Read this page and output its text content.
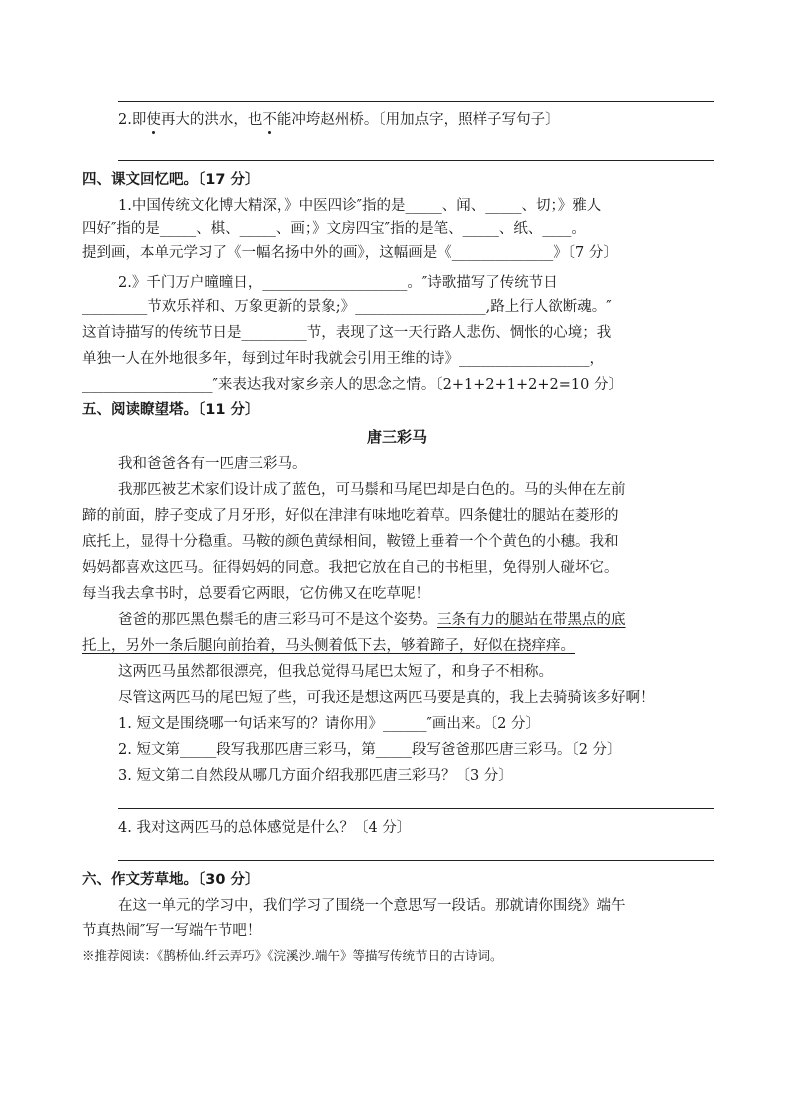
2.即使再大的洪水，也不能冲垮赵州桥。〔用加点字，照样子写句子〕
四、课文回忆吧。〔17 分〕
1.中国传统文化博大精深，》中医四诊″指的是_____、闻、_____、切；》雅人
四好″指的是_____、棋、_____、画；》文房四宝″指的是笔、_____、纸、____。
提到画，本单元学习了《一幅名扬中外的画》，这幅画是《______________》〔7 分〕
2.》千门万户曈曈日，____________________。″诗歌描写了传统节日
_________节欢乐祥和、万象更新的景象;》__________________,路上行人欲断魂。″
这首诗描写的传统节日是_________节，表现了这一天行路人悲伤、惆怅的心境；我
单独一人在外地很多年，每到过年时我就会引用王维的诗》__________________，
__________________″来表达我对家乡亲人的思念之情。〔2+1+2+1+2+2=10 分〕
五、阅读瞭望塔。〔11 分〕
唐三彩马
我和爸爸各有一匹唐三彩马。
我那匹被艺术家们设计成了蓝色，可马鬃和马尾巴却是白色的。马的头伸在左前
蹄的前面，脖子变成了月牙形，好似在津津有味地吃着草。四条健壮的腿站在菱形的
底托上，显得十分稳重。马鞍的颜色黄绿相间，鞍镫上垂着一个个黄色的小穗。我和
妈妈都喜欢这匹马。征得妈妈的同意。我把它放在自己的书柜里，免得别人碰坏它。
每当我去拿书时，总要看它两眼，它仿佛又在吃草呢！
爸爸的那匹黑色鬃毛的唐三彩马可不是这个姿势。三条有力的腿站在带黑点的底
托上，另外一条后腿向前抬着，马头侧着低下去，够着蹄子，好似在挠痒痒。
这两匹马虽然都很漂亮，但我总觉得马尾巴太短了，和身子不相称。
尽管这两匹马的尾巴短了些，可我还是想这两匹马要是真的，我上去骑骑该多好啊！
1. 短文是围绕哪一句话来写的？请你用》______″画出来。〔2 分〕
2. 短文第_____段写我那匹唐三彩马，第_____段写爸爸那匹唐三彩马。〔2 分〕
3. 短文第二自然段从哪几方面介绍我那匹唐三彩马？〔3 分〕
4. 我对这两匹马的总体感觉是什么？〔4 分〕
六、作文芳草地。〔30 分〕
在这一单元的学习中，我们学习了围绕一个意思写一段话。那就请你围绕》端午
节真热闹″写一写端午节吧！
※推荐阅读：《鹊桥仙.纤云弄巧》《浣溪沙.端午》等描写传统节日的古诗词。
